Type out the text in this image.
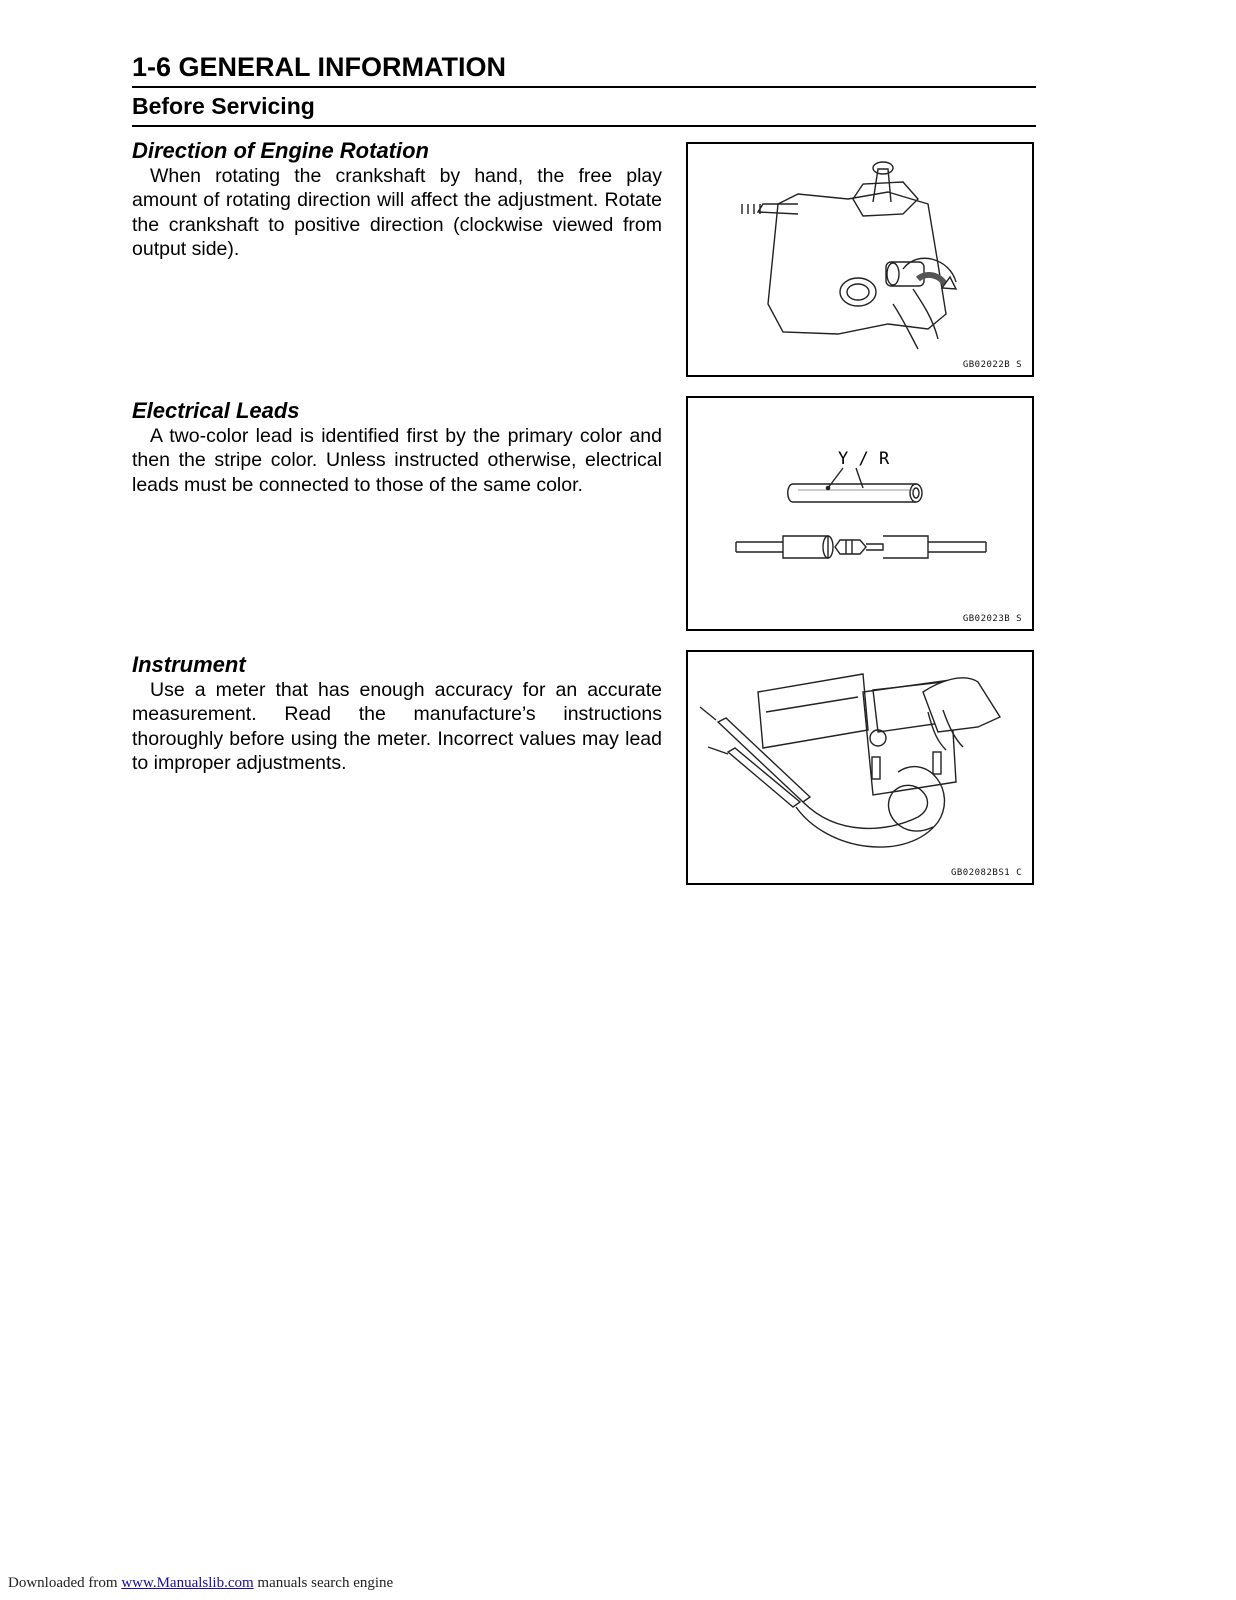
1-6 GENERAL INFORMATION
Before Servicing
Direction of Engine Rotation

When rotating the crankshaft by hand, the free play amount of rotating direction will affect the adjustment. Rotate the crankshaft to positive direction (clockwise viewed from output side).

GB02022B S
Electrical Leads

A two-color lead is identified first by the primary color and then the stripe color. Unless instructed otherwise, electrical leads must be connected to those of the same color.

Y / R
GB02023B S
Instrument

Use a meter that has enough accuracy for an accurate measurement. Read the manufacture’s instructions thoroughly before using the meter. Incorrect values may lead to improper adjustments.

GB02082BS1 C
Downloaded from www.Manualslib.com manuals search engine
